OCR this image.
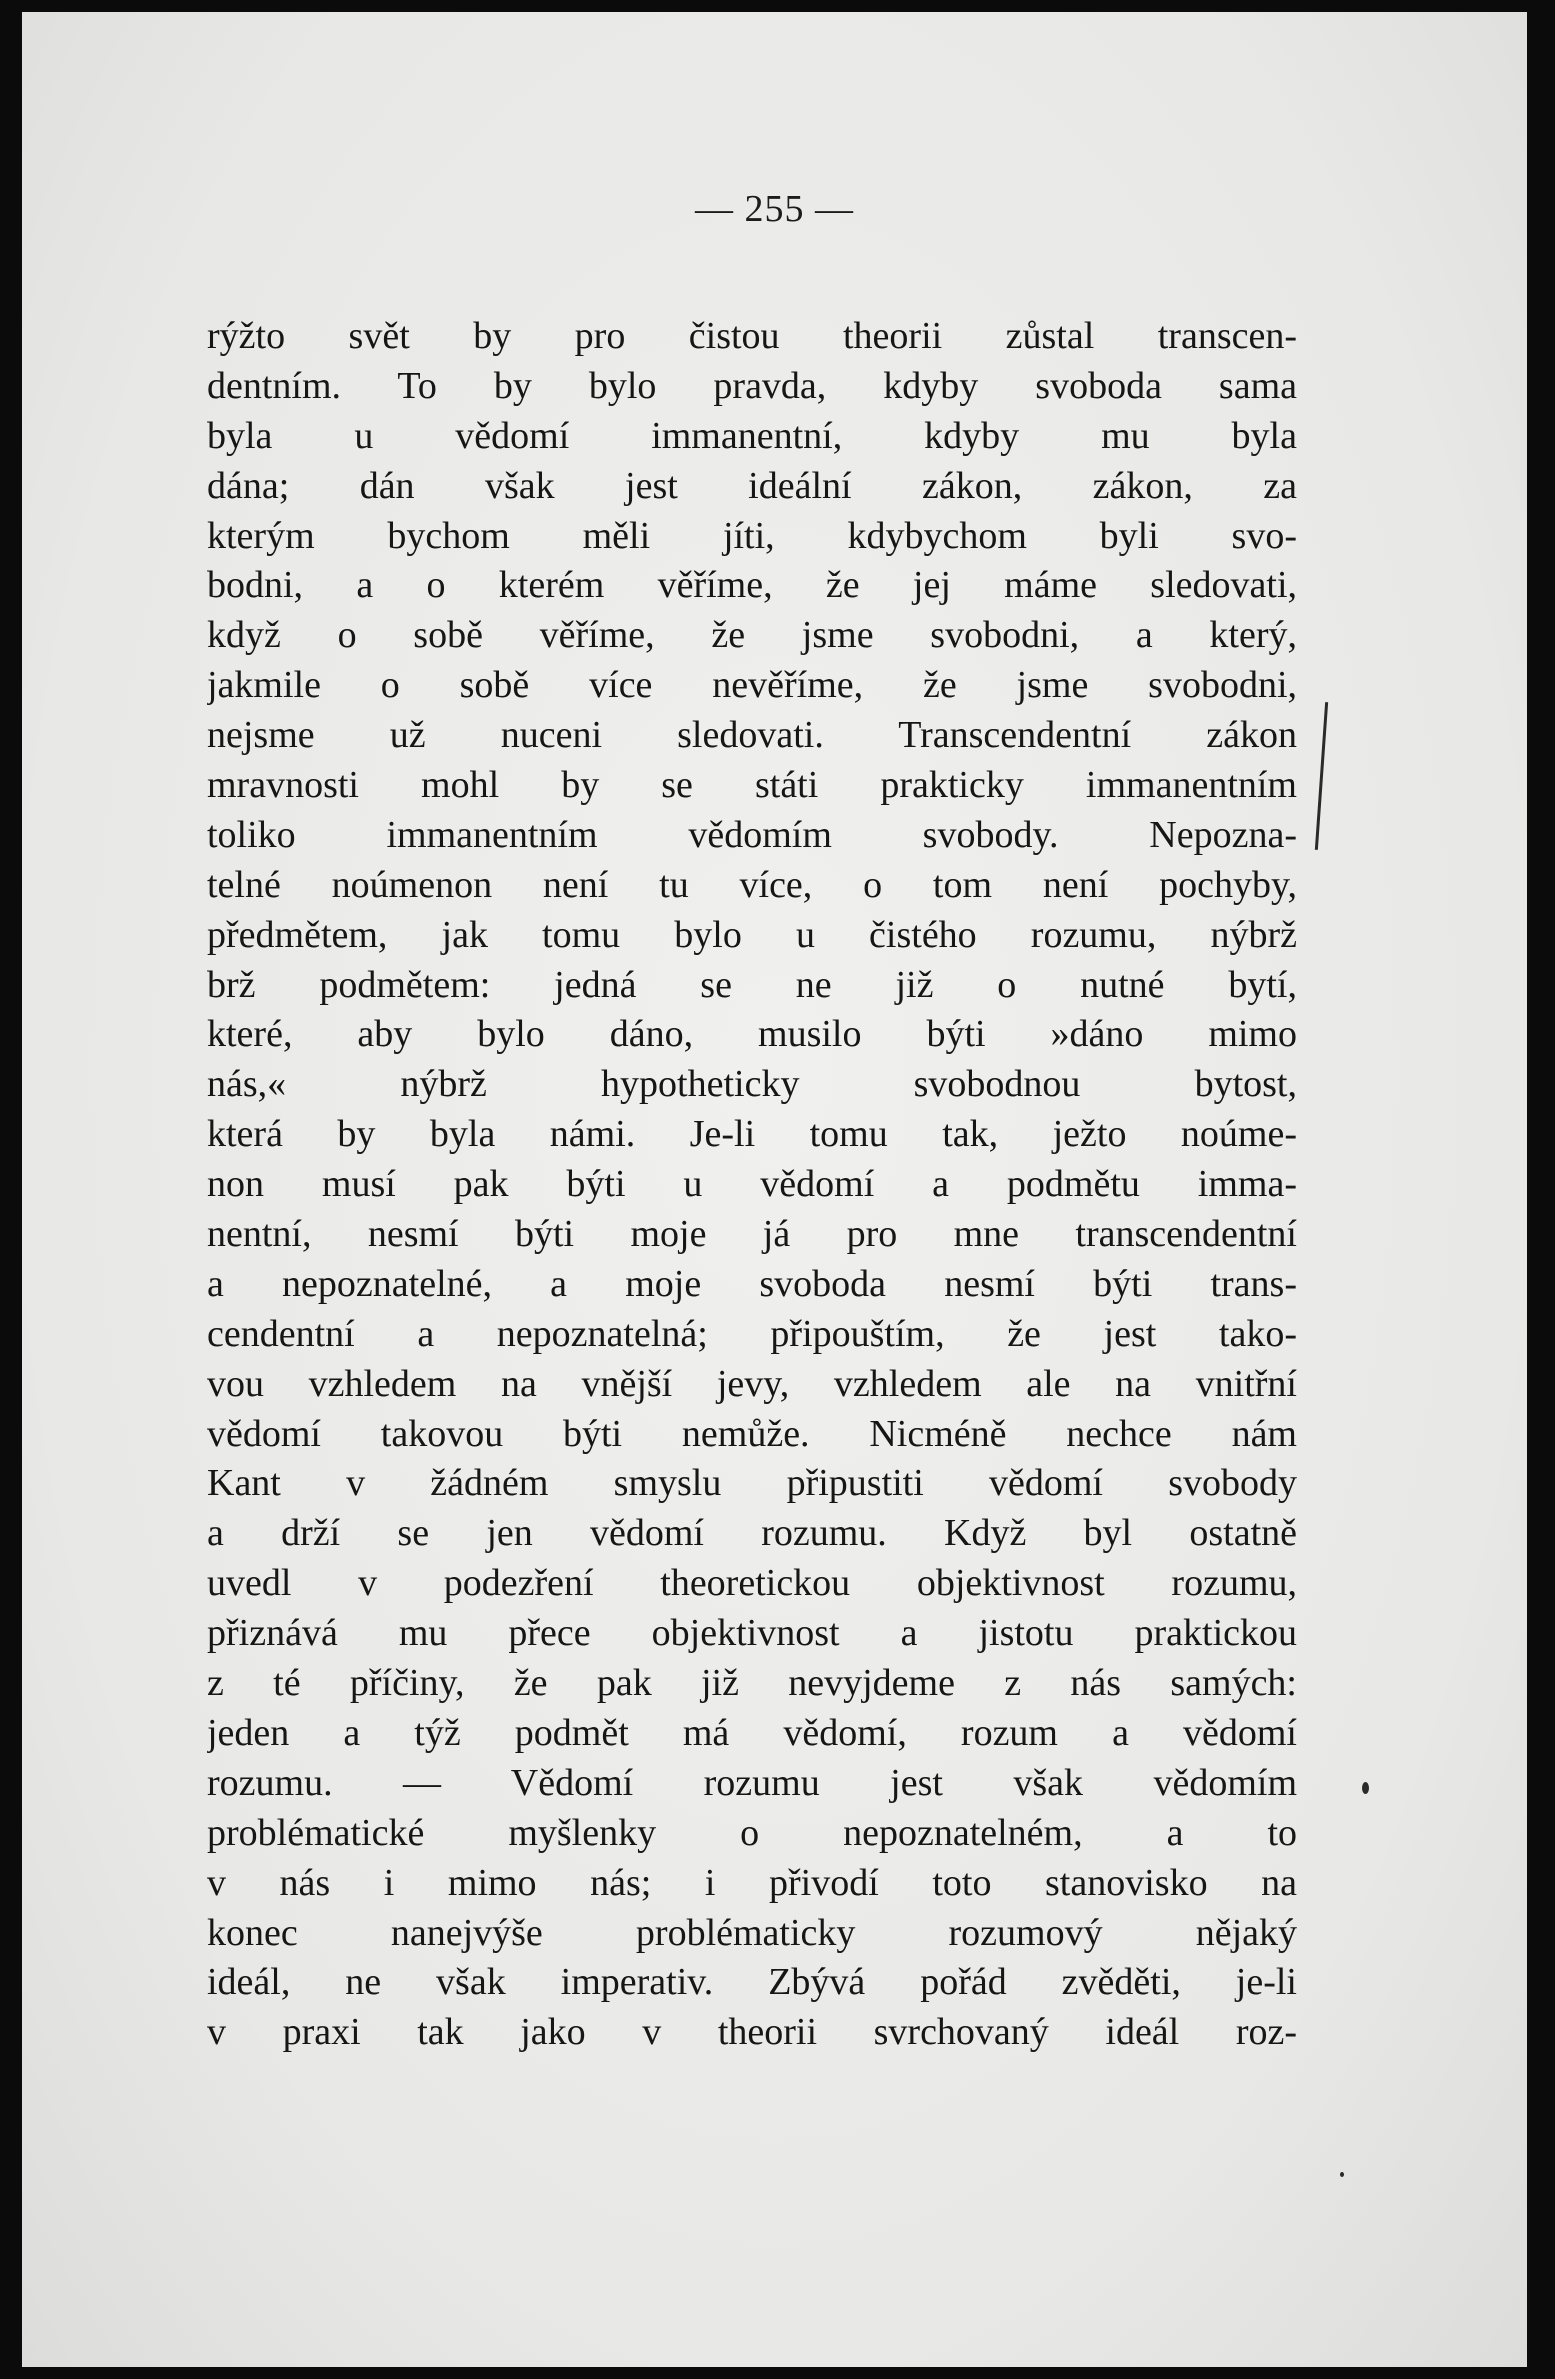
— 255 —
rýžto svět by pro čistou theorii zůstal transcen-
dentním. To by bylo pravda, kdyby svoboda sama
byla u vědomí immanentní, kdyby mu byla
dána; dán však jest ideální zákon, zákon, za
kterým bychom měli jíti, kdybychom byli svo-
bodni, a o kterém věříme, že jej máme sledovati,
když o sobě věříme, že jsme svobodni, a který,
jakmile o sobě více nevěříme, že jsme svobodni,
nejsme už nuceni sledovati. Transcendentní zákon
mravnosti mohl by se státi prakticky immanentním
toliko immanentním vědomím svobody. Nepozna-
telné noúmenon není tu více, o tom není pochyby,
předmětem, jak tomu bylo u čistého rozumu, nýbrž
brž podmětem: jedná se ne již o nutné bytí,
které, aby bylo dáno, musilo býti »dáno mimo
nás,« nýbrž hypotheticky svobodnou bytost,
která by byla námi. Je-li tomu tak, ježto noúme-
non musí pak býti u vědomí a podmětu imma-
nentní, nesmí býti moje já pro mne transcendentní
a nepoznatelné, a moje svoboda nesmí býti trans-
cendentní a nepoznatelná; připouštím, že jest tako-
vou vzhledem na vnější jevy, vzhledem ale na vnitřní
vědomí takovou býti nemůže. Nicméně nechce nám
Kant v žádném smyslu připustiti vědomí svobody
a drží se jen vědomí rozumu. Když byl ostatně
uvedl v podezření theoretickou objektivnost rozumu,
přiznává mu přece objektivnost a jistotu praktickou
z té příčiny, že pak již nevyjdeme z nás samých:
jeden a týž podmět má vědomí, rozum a vědomí
rozumu. — Vědomí rozumu jest však vědomím
problématické myšlenky o nepoznatelném, a to
v nás i mimo nás; i přivodí toto stanovisko na
konec nanejvýše problématicky rozumový nějaký
ideál, ne však imperativ. Zbývá pořád zvěděti, je-li
v praxi tak jako v theorii svrchovaný ideál roz-
